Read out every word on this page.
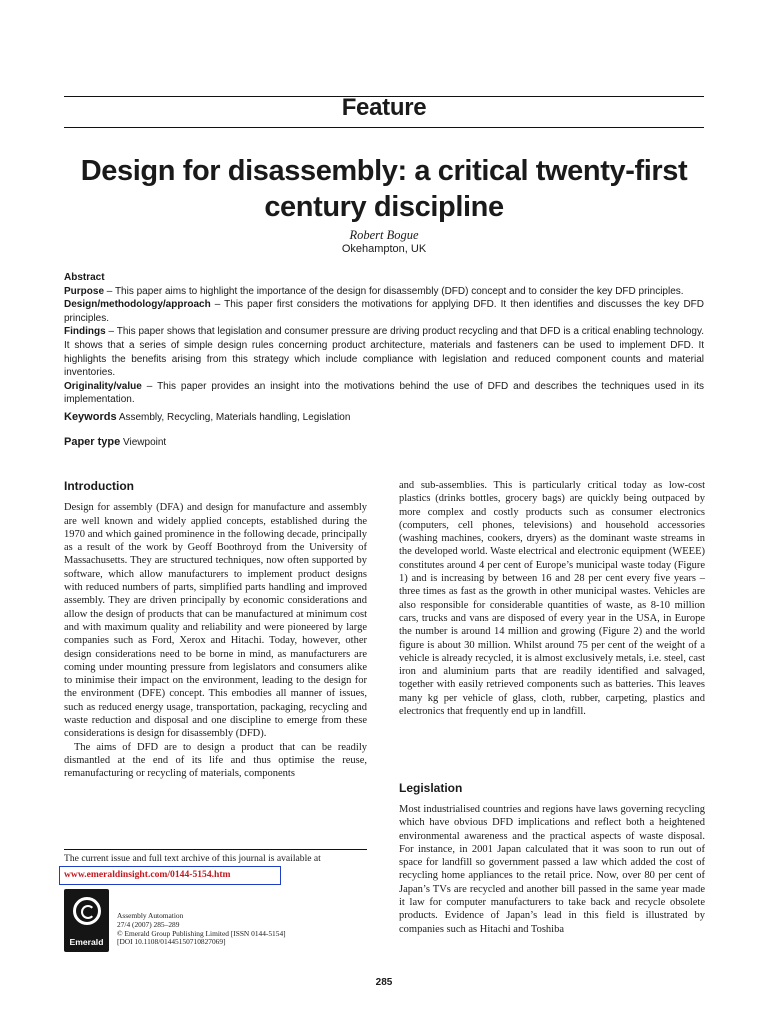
Feature
Design for disassembly: a critical twenty-first century discipline
Robert Bogue
Okehampton, UK

Abstract

Purpose – This paper aims to highlight the importance of the design for disassembly (DFD) concept and to consider the key DFD principles.

Design/methodology/approach – This paper first considers the motivations for applying DFD. It then identifies and discusses the key DFD principles.

Findings – This paper shows that legislation and consumer pressure are driving product recycling and that DFD is a critical enabling technology. It shows that a series of simple design rules concerning product architecture, materials and fasteners can be used to implement DFD. It highlights the benefits arising from this strategy which include compliance with legislation and reduced component counts and material inventories.

Originality/value – This paper provides an insight into the motivations behind the use of DFD and describes the techniques used in its implementation.

Keywords Assembly, Recycling, Materials handling, Legislation
Paper type Viewpoint

Introduction

Design for assembly (DFA) and design for manufacture and assembly are well known and widely applied concepts, established during the 1970 and which gained prominence in the following decade, principally as a result of the work by Geoff Boothroyd from the University of Massachusetts. They are structured techniques, now often supported by software, which allow manufacturers to implement product designs with reduced numbers of parts, simplified parts handling and improved assembly. They are driven principally by economic considerations and allow the design of products that can be manufactured at minimum cost and with maximum quality and reliability and were pioneered by large companies such as Ford, Xerox and Hitachi. Today, however, other design considerations need to be borne in mind, as manufacturers are coming under mounting pressure from legislators and consumers alike to minimise their impact on the environment, leading to the design for the environment (DFE) concept. This embodies all manner of issues, such as reduced energy usage, transportation, packaging, recycling and waste reduction and disposal and one discipline to emerge from these considerations is design for disassembly (DFD).

The aims of DFD are to design a product that can be readily dismantled at the end of its life and thus optimise the reuse, remanufacturing or recycling of materials, components

and sub-assemblies. This is particularly critical today as low-cost plastics (drinks bottles, grocery bags) are quickly being outpaced by more complex and costly products such as consumer electronics (computers, cell phones, televisions) and household accessories (washing machines, cookers, dryers) as the dominant waste streams in the developed world. Waste electrical and electronic equipment (WEEE) constitutes around 4 per cent of Europe’s municipal waste today (Figure 1) and is increasing by between 16 and 28 per cent every five years – three times as fast as the growth in other municipal wastes. Vehicles are also responsible for considerable quantities of waste, as 8-10 million cars, trucks and vans are disposed of every year in the USA, in Europe the number is around 14 million and growing (Figure 2) and the world figure is about 30 million. Whilst around 75 per cent of the weight of a vehicle is already recycled, it is almost exclusively metals, i.e. steel, cast iron and aluminium parts that are readily identified and salvaged, together with easily retrieved components such as batteries. This leaves many kg per vehicle of glass, cloth, rubber, carpeting, plastics and electronics that frequently end up in landfill.

Legislation

Most industrialised countries and regions have laws governing recycling which have obvious DFD implications and reflect both a heightened environmental awareness and the practical aspects of waste disposal. For instance, in 2001 Japan calculated that it was soon to run out of space for landfill so government passed a law which added the cost of recycling home appliances to the retail price. Now, over 80 per cent of Japan’s TVs are recycled and another bill passed in the same year made it law for computer manufacturers to take back and recycle obsolete products. Evidence of Japan’s lead in this field is illustrated by companies such as Hitachi and Toshiba

The current issue and full text archive of this journal is available at
www.emeraldinsight.com/0144-5154.htm
Emerald
Assembly Automation
27/4 (2007) 285–289
© Emerald Group Publishing Limited [ISSN 0144-5154]
[DOI 10.1108/01445150710827069]
285
